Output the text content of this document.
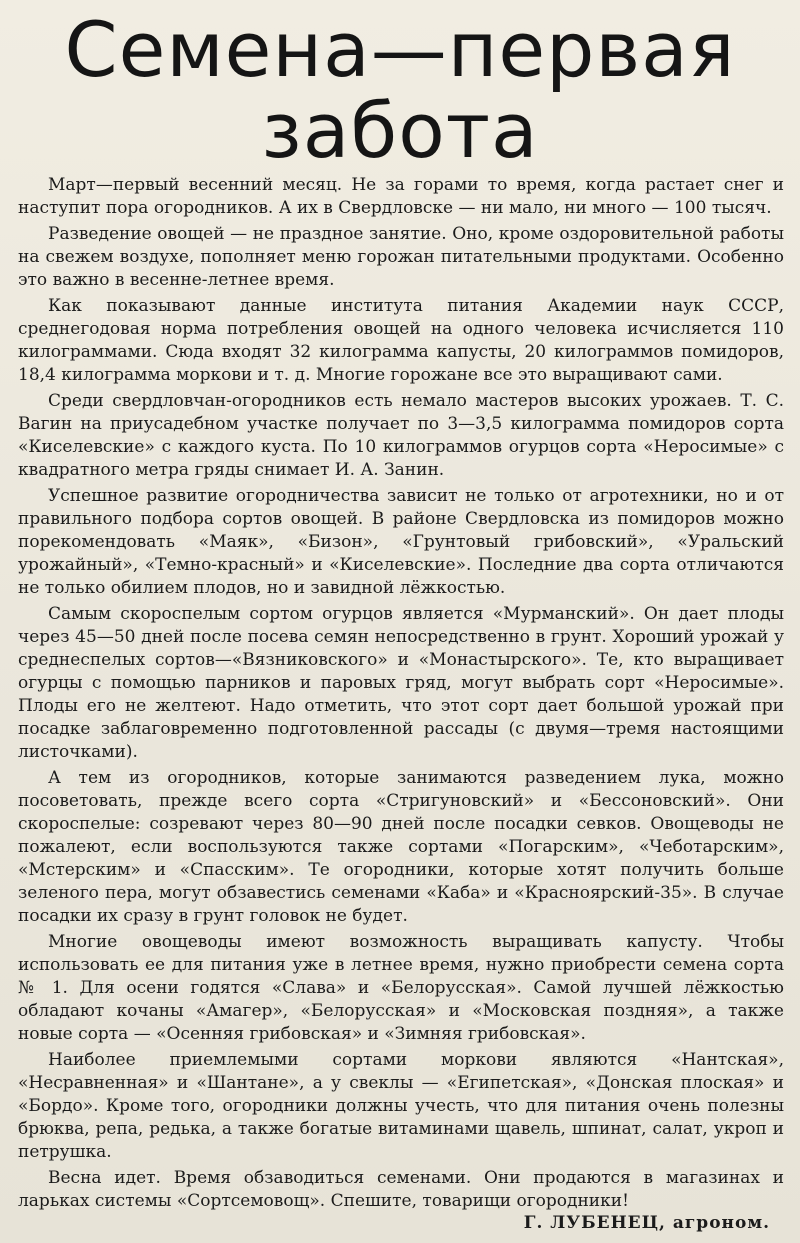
Семена—первая
забота

Март—первый весенний месяц. Не за горами то время, когда растает снег и наступит пора огородников. А их в Свердловске — ни мало, ни много — 100 тысяч.

Разведение овощей — не праздное занятие. Оно, кроме оздоровительной работы на свежем воздухе, пополняет меню горожан питательными продуктами. Особенно это важно в весенне-летнее время.

Как показывают данные института питания Академии наук СССР, среднегодовая норма потребления овощей на одного человека исчисляется 110 килограммами. Сюда входят 32 килограмма капусты, 20 килограммов помидоров, 18,4 килограмма моркови и т. д. Многие горожане все это выращивают сами.

Среди свердловчан-огородников есть немало мастеров высоких урожаев. Т. С. Вагин на приусадебном участке получает по 3—3,5 килограмма помидоров сорта «Киселевские» с каждого куста. По 10 килограммов огурцов сорта «Неросимые» с квадратного метра гряды снимает И. А. Занин.

Успешное развитие огородничества зависит не только от агротехники, но и от правильного подбора сортов овощей. В районе Свердловска из помидоров можно порекомендовать «Маяк», «Бизон», «Грунтовый грибовский», «Уральский урожайный», «Темно-красный» и «Киселевские». Последние два сорта отличаются не только обилием плодов, но и завидной лёжкостью.

Самым скороспелым сортом огурцов является «Мурманский». Он дает плоды через 45—50 дней после посева семян непосредственно в грунт. Хороший урожай у среднеспелых сортов—«Вязниковского» и «Монастырского». Те, кто выращивает огурцы с помощью парников и паровых гряд, могут выбрать сорт «Неросимые». Плоды его не желтеют. Надо отметить, что этот сорт дает большой урожай при посадке заблаговременно подготовленной рассады (с двумя—тремя настоящими листочками).

А тем из огородников, которые занимаются разведением лука, можно посоветовать, прежде всего сорта «Стригуновский» и «Бессоновский». Они скороспелые: созревают через 80—90 дней после посадки севков. Овощеводы не пожалеют, если воспользуются также сортами «Погарским», «Чеботарским», «Мстерским» и «Спасским». Те огородники, которые хотят получить больше зеленого пера, могут обзавестись семенами «Каба» и «Красноярский-35». В случае посадки их сразу в грунт головок не будет.

Многие овощеводы имеют возможность выращивать капусту. Чтобы использовать ее для питания уже в летнее время, нужно приобрести семена сорта № 1. Для осени годятся «Слава» и «Белорусская». Самой лучшей лёжкостью обладают кочаны «Амагер», «Белорусская» и «Московская поздняя», а также новые сорта — «Осенняя грибовская» и «Зимняя грибовская».

Наиболее приемлемыми сортами моркови являются «Нантская», «Несравненная» и «Шантане», а у свеклы — «Египетская», «Донская плоская» и «Бордо». Кроме того, огородники должны учесть, что для питания очень полезны брюква, репа, редька, а также богатые витаминами щавель, шпинат, салат, укроп и петрушка.

Весна идет. Время обзаводиться семенами. Они продаются в магазинах и ларьках системы «Сортсемовощ». Спешите, товарищи огородники!

Г. ЛУБЕНЕЦ, агроном.
